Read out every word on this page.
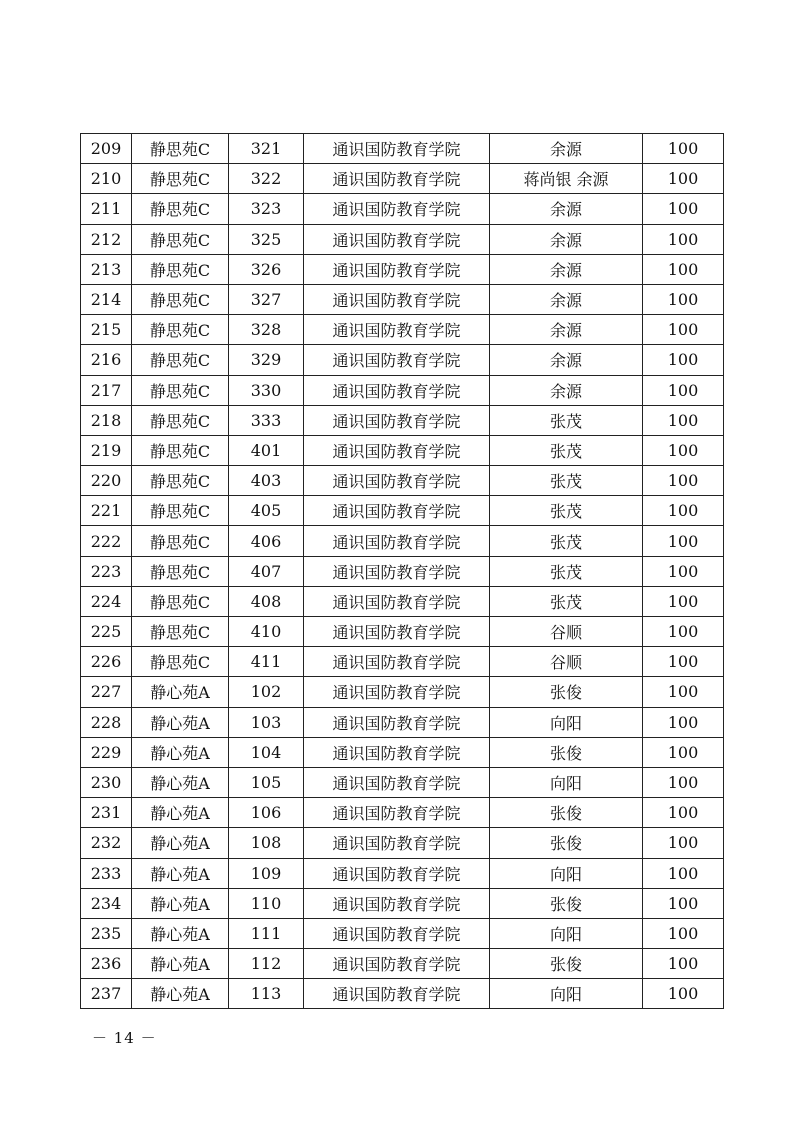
209	静思苑C	321	通识国防教育学院	余源	100
210	静思苑C	322	通识国防教育学院	蒋尚银 余源	100
211	静思苑C	323	通识国防教育学院	余源	100
212	静思苑C	325	通识国防教育学院	余源	100
213	静思苑C	326	通识国防教育学院	余源	100
214	静思苑C	327	通识国防教育学院	余源	100
215	静思苑C	328	通识国防教育学院	余源	100
216	静思苑C	329	通识国防教育学院	余源	100
217	静思苑C	330	通识国防教育学院	余源	100
218	静思苑C	333	通识国防教育学院	张茂	100
219	静思苑C	401	通识国防教育学院	张茂	100
220	静思苑C	403	通识国防教育学院	张茂	100
221	静思苑C	405	通识国防教育学院	张茂	100
222	静思苑C	406	通识国防教育学院	张茂	100
223	静思苑C	407	通识国防教育学院	张茂	100
224	静思苑C	408	通识国防教育学院	张茂	100
225	静思苑C	410	通识国防教育学院	谷顺	100
226	静思苑C	411	通识国防教育学院	谷顺	100
227	静心苑A	102	通识国防教育学院	张俊	100
228	静心苑A	103	通识国防教育学院	向阳	100
229	静心苑A	104	通识国防教育学院	张俊	100
230	静心苑A	105	通识国防教育学院	向阳	100
231	静心苑A	106	通识国防教育学院	张俊	100
232	静心苑A	108	通识国防教育学院	张俊	100
233	静心苑A	109	通识国防教育学院	向阳	100
234	静心苑A	110	通识国防教育学院	张俊	100
235	静心苑A	111	通识国防教育学院	向阳	100
236	静心苑A	112	通识国防教育学院	张俊	100
237	静心苑A	113	通识国防教育学院	向阳	100
－ 14 －
